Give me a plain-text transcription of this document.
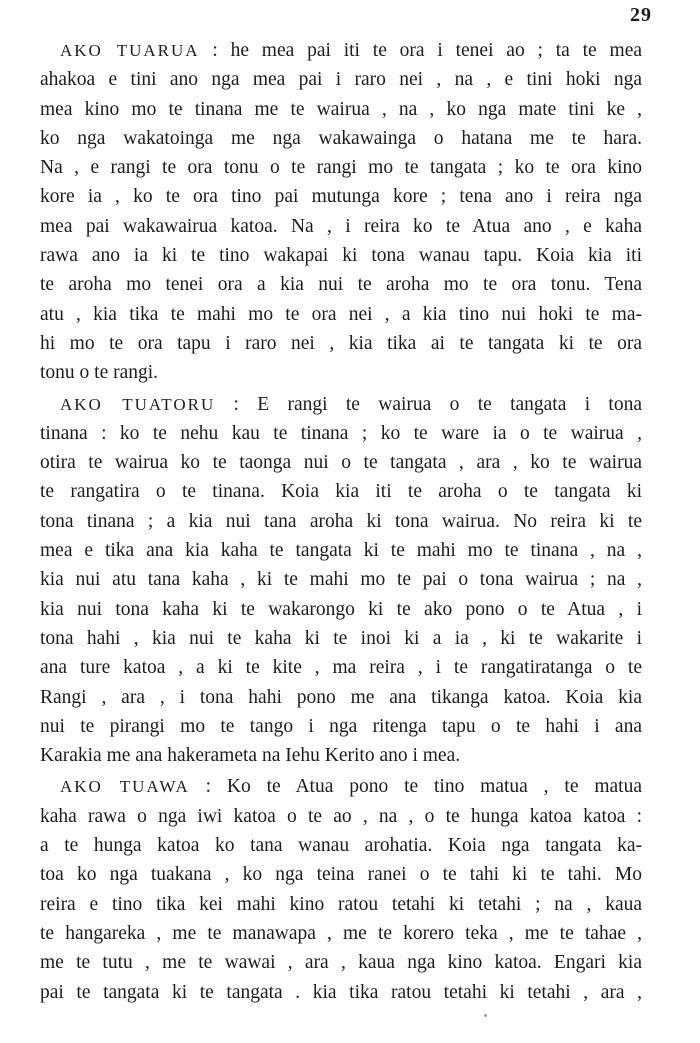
29
AKO TUARUA : he mea pai iti te ora i tenei ao ; ta te mea
ahakoa e tini ano nga mea pai i raro nei , na , e tini hoki nga
mea kino mo te tinana me te wairua , na , ko nga mate tini ke ,
ko nga wakatoinga me nga wakawainga o hatana me te hara.
Na , e rangi te ora tonu o te rangi mo te tangata ; ko te ora kino
kore ia , ko te ora tino pai mutunga kore ; tena ano i reira nga
mea pai wakawairua katoa. Na , i reira ko te Atua ano , e kaha
rawa ano ia ki te tino wakapai ki tona wanau tapu. Koia kia iti
te aroha mo tenei ora a kia nui te aroha mo te ora tonu. Tena
atu , kia tika te mahi mo te ora nei , a kia tino nui hoki te ma-
hi mo te ora tapu i raro nei , kia tika ai te tangata ki te ora
tonu o te rangi.
AKO TUATORU : E rangi te wairua o te tangata i tona
tinana : ko te nehu kau te tinana ; ko te ware ia o te wairua ,
otira te wairua ko te taonga nui o te tangata , ara , ko te wairua
te rangatira o te tinana. Koia kia iti te aroha o te tangata ki
tona tinana ; a kia nui tana aroha ki tona wairua. No reira ki te
mea e tika ana kia kaha te tangata ki te mahi mo te tinana , na ,
kia nui atu tana kaha , ki te mahi mo te pai o tona wairua ; na ,
kia nui tona kaha ki te wakarongo ki te ako pono o te Atua , i
tona hahi , kia nui te kaha ki te inoi ki a ia , ki te wakarite i
ana ture katoa , a ki te kite , ma reira , i te rangatiratanga o te
Rangi , ara , i tona hahi pono me ana tikanga katoa. Koia kia
nui te pirangi mo te tango i nga ritenga tapu o te hahi i ana
Karakia me ana hakerameta na Iehu Kerito ano i mea.
AKO TUAWA : Ko te Atua pono te tino matua , te matua
kaha rawa o nga iwi katoa o te ao , na , o te hunga katoa katoa :
a te hunga katoa ko tana wanau arohatia. Koia nga tangata ka-
toa ko nga tuakana , ko nga teina ranei o te tahi ki te tahi. Mo
reira e tino tika kei mahi kino ratou tetahi ki tetahi ; na , kaua
te hangareka , me te manawapa , me te korero teka , me te tahae ,
me te tutu , me te wawai , ara , kaua nga kino katoa. Engari kia
pai te tangata ki te tangata . kia tika ratou tetahi ki tetahi , ara ,
